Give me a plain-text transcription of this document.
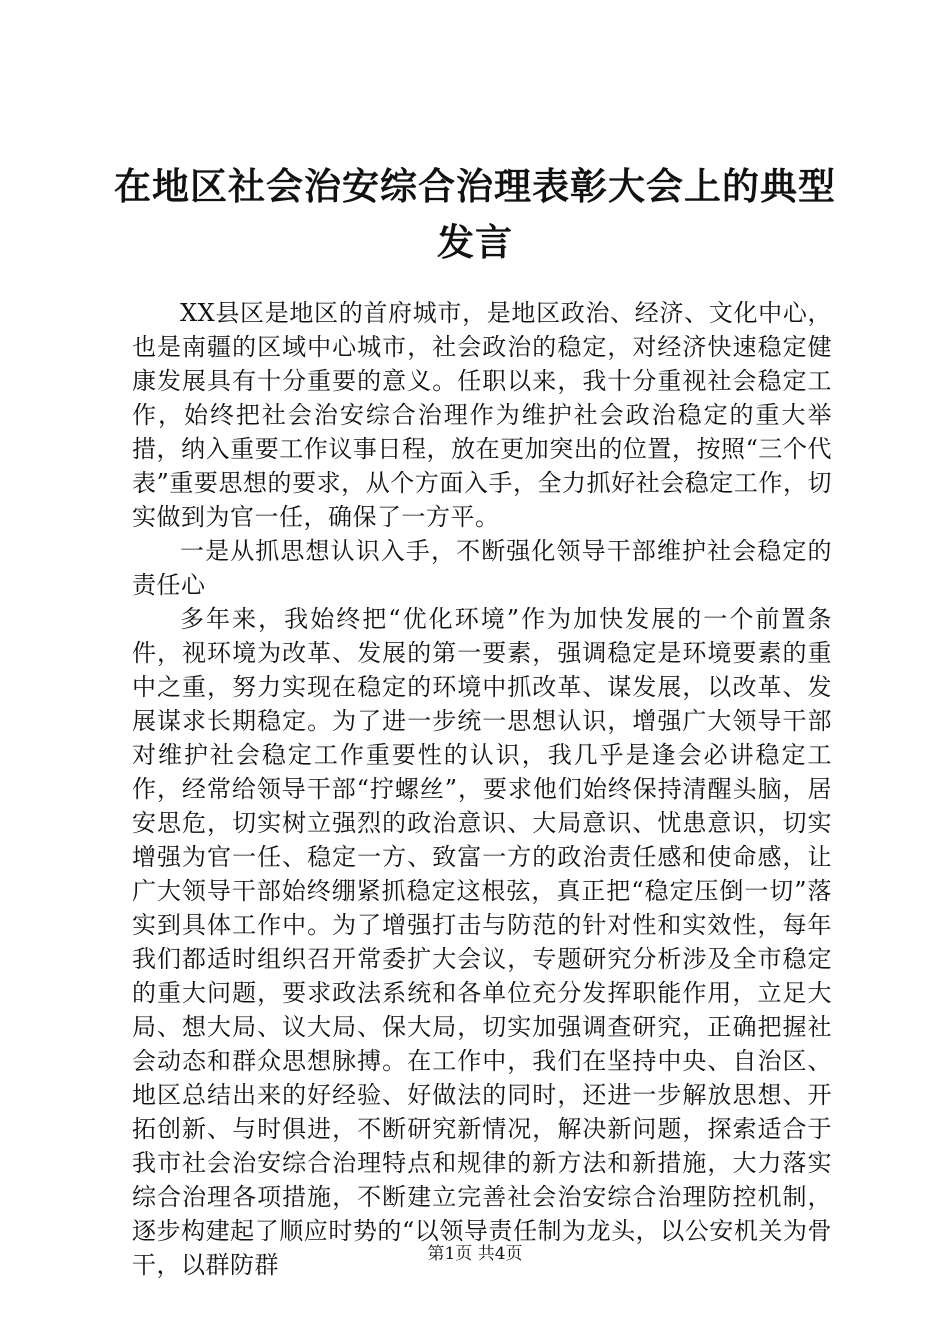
在地区社会治安综合治理表彰大会上的典型发言

XX县区是地区的首府城市，是地区政治、经济、文化中心，也是南疆的区域中心城市，社会政治的稳定，对经济快速稳定健康发展具有十分重要的意义。任职以来，我十分重视社会稳定工作，始终把社会治安综合治理作为维护社会政治稳定的重大举措，纳入重要工作议事日程，放在更加突出的位置，按照“三个代表”重要思想的要求，从个方面入手，全力抓好社会稳定工作，切实做到为官一任，确保了一方平。

一是从抓思想认识入手，不断强化领导干部维护社会稳定的责任心

多年来，我始终把“优化环境”作为加快发展的一个前置条件，视环境为改革、发展的第一要素，强调稳定是环境要素的重中之重，努力实现在稳定的环境中抓改革、谋发展，以改革、发展谋求长期稳定。为了进一步统一思想认识，增强广大领导干部对维护社会稳定工作重要性的认识，我几乎是逢会必讲稳定工作，经常给领导干部“拧螺丝”，要求他们始终保持清醒头脑，居安思危，切实树立强烈的政治意识、大局意识、忧患意识，切实增强为官一任、稳定一方、致富一方的政治责任感和使命感，让广大领导干部始终绷紧抓稳定这根弦，真正把“稳定压倒一切”落实到具体工作中。为了增强打击与防范的针对性和实效性，每年我们都适时组织召开常委扩大会议，专题研究分析涉及全市稳定的重大问题，要求政法系统和各单位充分发挥职能作用，立足大局、想大局、议大局、保大局，切实加强调查研究，正确把握社会动态和群众思想脉搏。在工作中，我们在坚持中央、自治区、地区总结出来的好经验、好做法的同时，还进一步解放思想、开拓创新、与时俱进，不断研究新情况，解决新问题，探索适合于我市社会治安综合治理特点和规律的新方法和新措施，大力落实综合治理各项措施，不断建立完善社会治安综合治理防控机制，逐步构建起了顺应时势的“以领导责任制为龙头，以公安机关为骨干，以群防群	第1页 共4页
